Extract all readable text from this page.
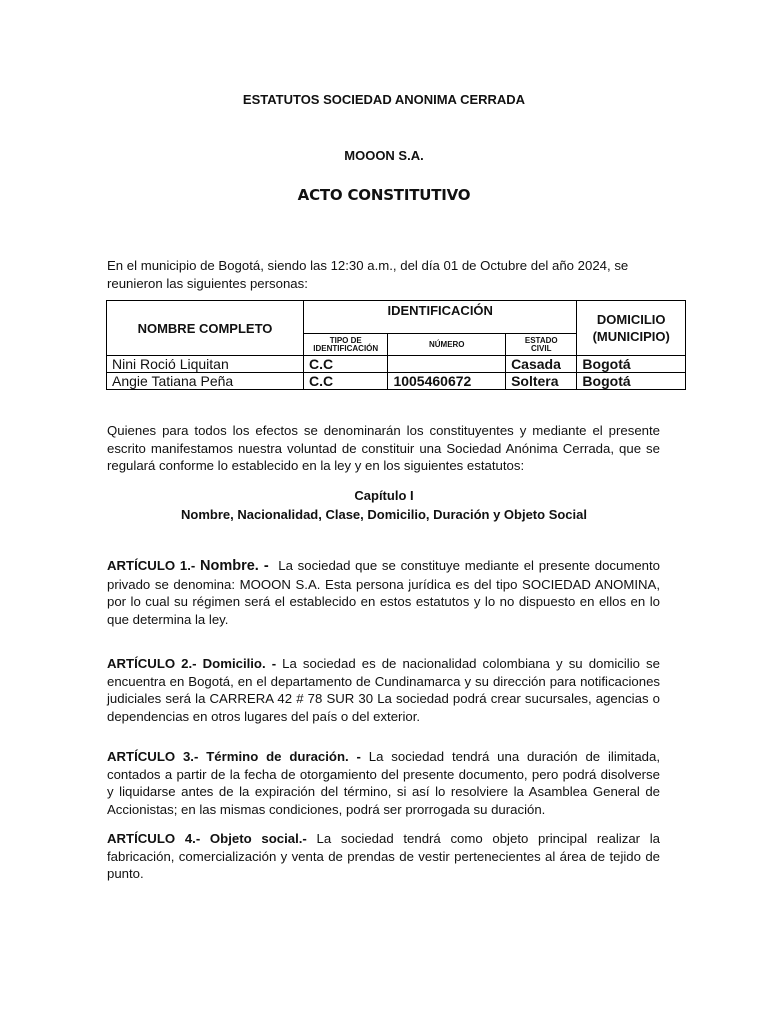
ESTATUTOS SOCIEDAD ANONIMA CERRADA
MOOON S.A.
ACTO CONSTITUTIVO

En el municipio de Bogotá, siendo las 12:30 a.m., del día 01 de Octubre del año 2024, se reunieron las siguientes personas:

NOMBRE COMPLETO	IDENTIFICACIÓN			DOMICILIO
(MUNICIPIO)

	TIPO DE
IDENTIFICACIÓN	NÚMERO	ESTADO
CIVIL	

Nini Roció Liquitan	C.C		Casada	Bogotá
Angie Tatiana Peña	C.C	1005460672	Soltera	Bogotá

Quienes para todos los efectos se denominarán los constituyentes y mediante el presente escrito manifestamos nuestra voluntad de constituir una Sociedad Anónima Cerrada, que se regulará conforme lo establecido en la ley y en los siguientes estatutos:

Capítulo I
Nombre, Nacionalidad, Clase, Domicilio, Duración y Objeto Social

ARTÍCULO 1.- Nombre. - La sociedad que se constituye mediante el presente documento privado se denomina: MOOON S.A. Esta persona jurídica es del tipo SOCIEDAD ANOMINA, por lo cual su régimen será el establecido en estos estatutos y lo no dispuesto en ellos en lo que determina la ley.

ARTÍCULO 2.- Domicilio. - La sociedad es de nacionalidad colombiana y su domicilio se encuentra en Bogotá, en el departamento de Cundinamarca y su dirección para notificaciones judiciales será la CARRERA 42 # 78 SUR 30 La sociedad podrá crear sucursales, agencias o dependencias en otros lugares del país o del exterior.

ARTÍCULO 3.- Término de duración. - La sociedad tendrá una duración de ilimitada, contados a partir de la fecha de otorgamiento del presente documento, pero podrá disolverse y liquidarse antes de la expiración del término, si así lo resolviere la Asamblea General de Accionistas; en las mismas condiciones, podrá ser prorrogada su duración.

ARTÍCULO 4.- Objeto social.- La sociedad tendrá como objeto principal realizar la fabricación, comercialización y venta de prendas de vestir pertenecientes al área de tejido de punto.
